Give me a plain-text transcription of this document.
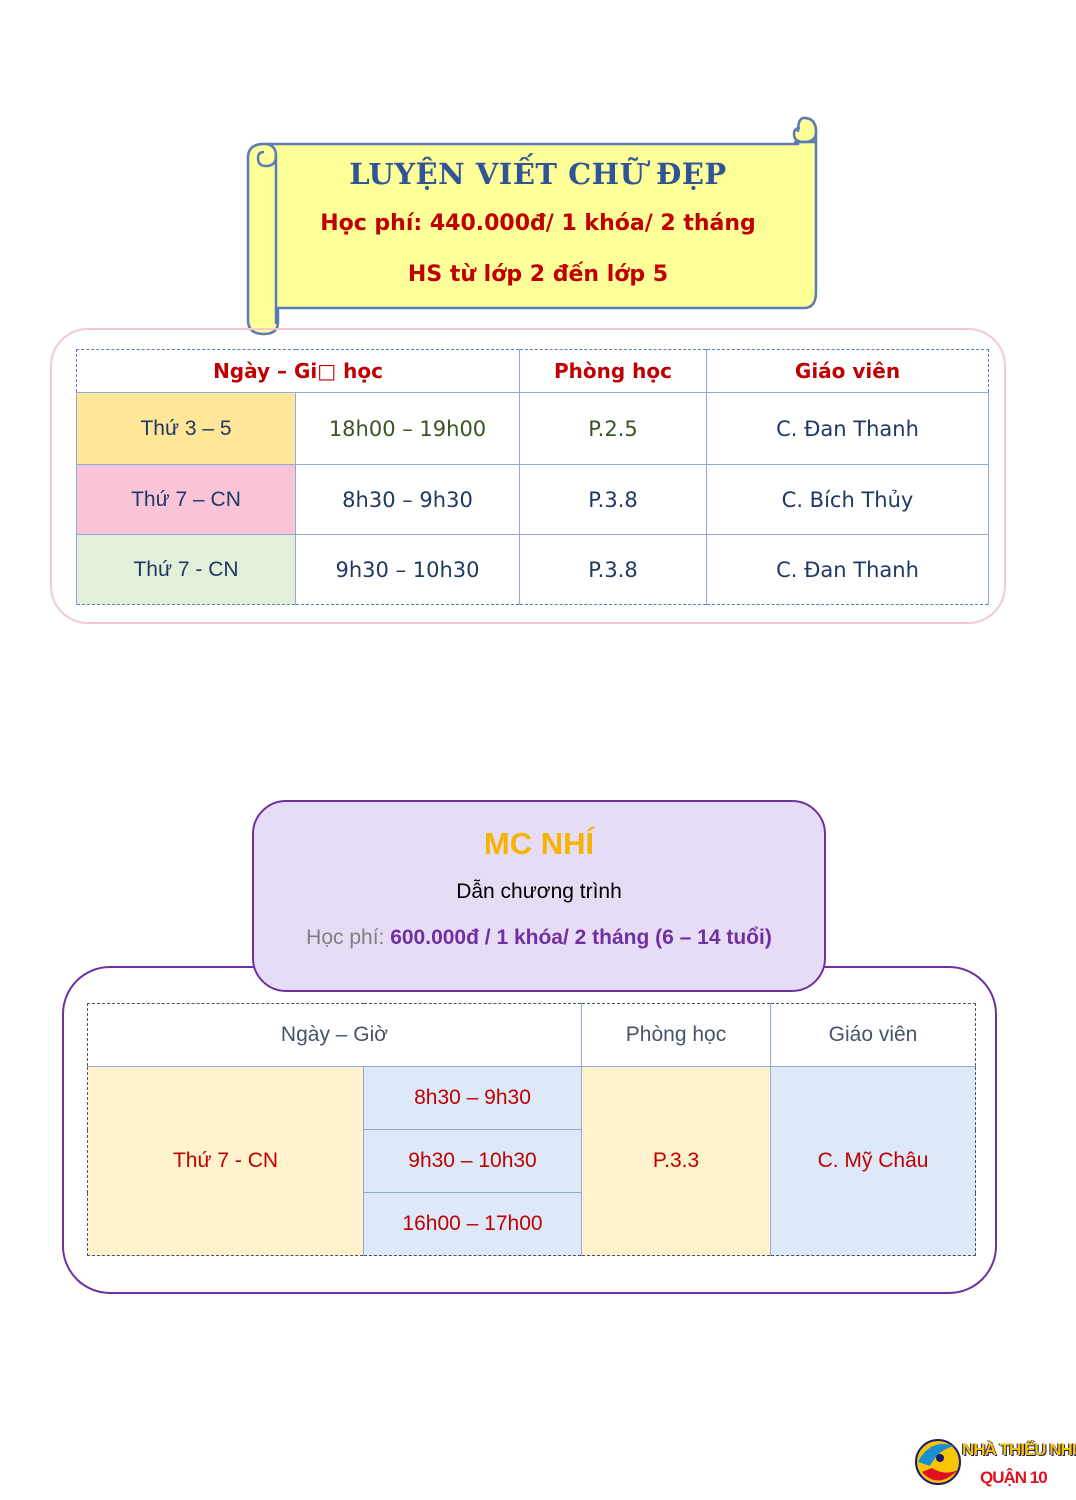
LUYỆN VIẾT CHỮ ĐẸP
Học phí: 440.000đ/ 1 khóa/ 2 tháng
HS từ lớp 2 đến lớp 5
Ngày – Gi□ học		Phòng học	Giáo viên
Thứ 3 – 5	18h00 – 19h00	P.2.5	C. Đan Thanh
Thứ 7 – CN	8h30 – 9h30	P.3.8	C. Bích Thủy
Thứ 7 - CN	9h30 – 10h30	P.3.8	C. Đan Thanh
MC NHÍ
Dẫn chương trình
Học phí: 600.000đ / 1 khóa/ 2 tháng (6 – 14 tuổi)
Ngày – Giờ		Phòng học	Giáo viên
Thứ 7 - CN	8h30 – 9h30	P.3.3	C. Mỹ Châu
	9h30 – 10h30		
	16h00 – 17h00		
NHÀ THIẾU NHI
QUẬN 10
